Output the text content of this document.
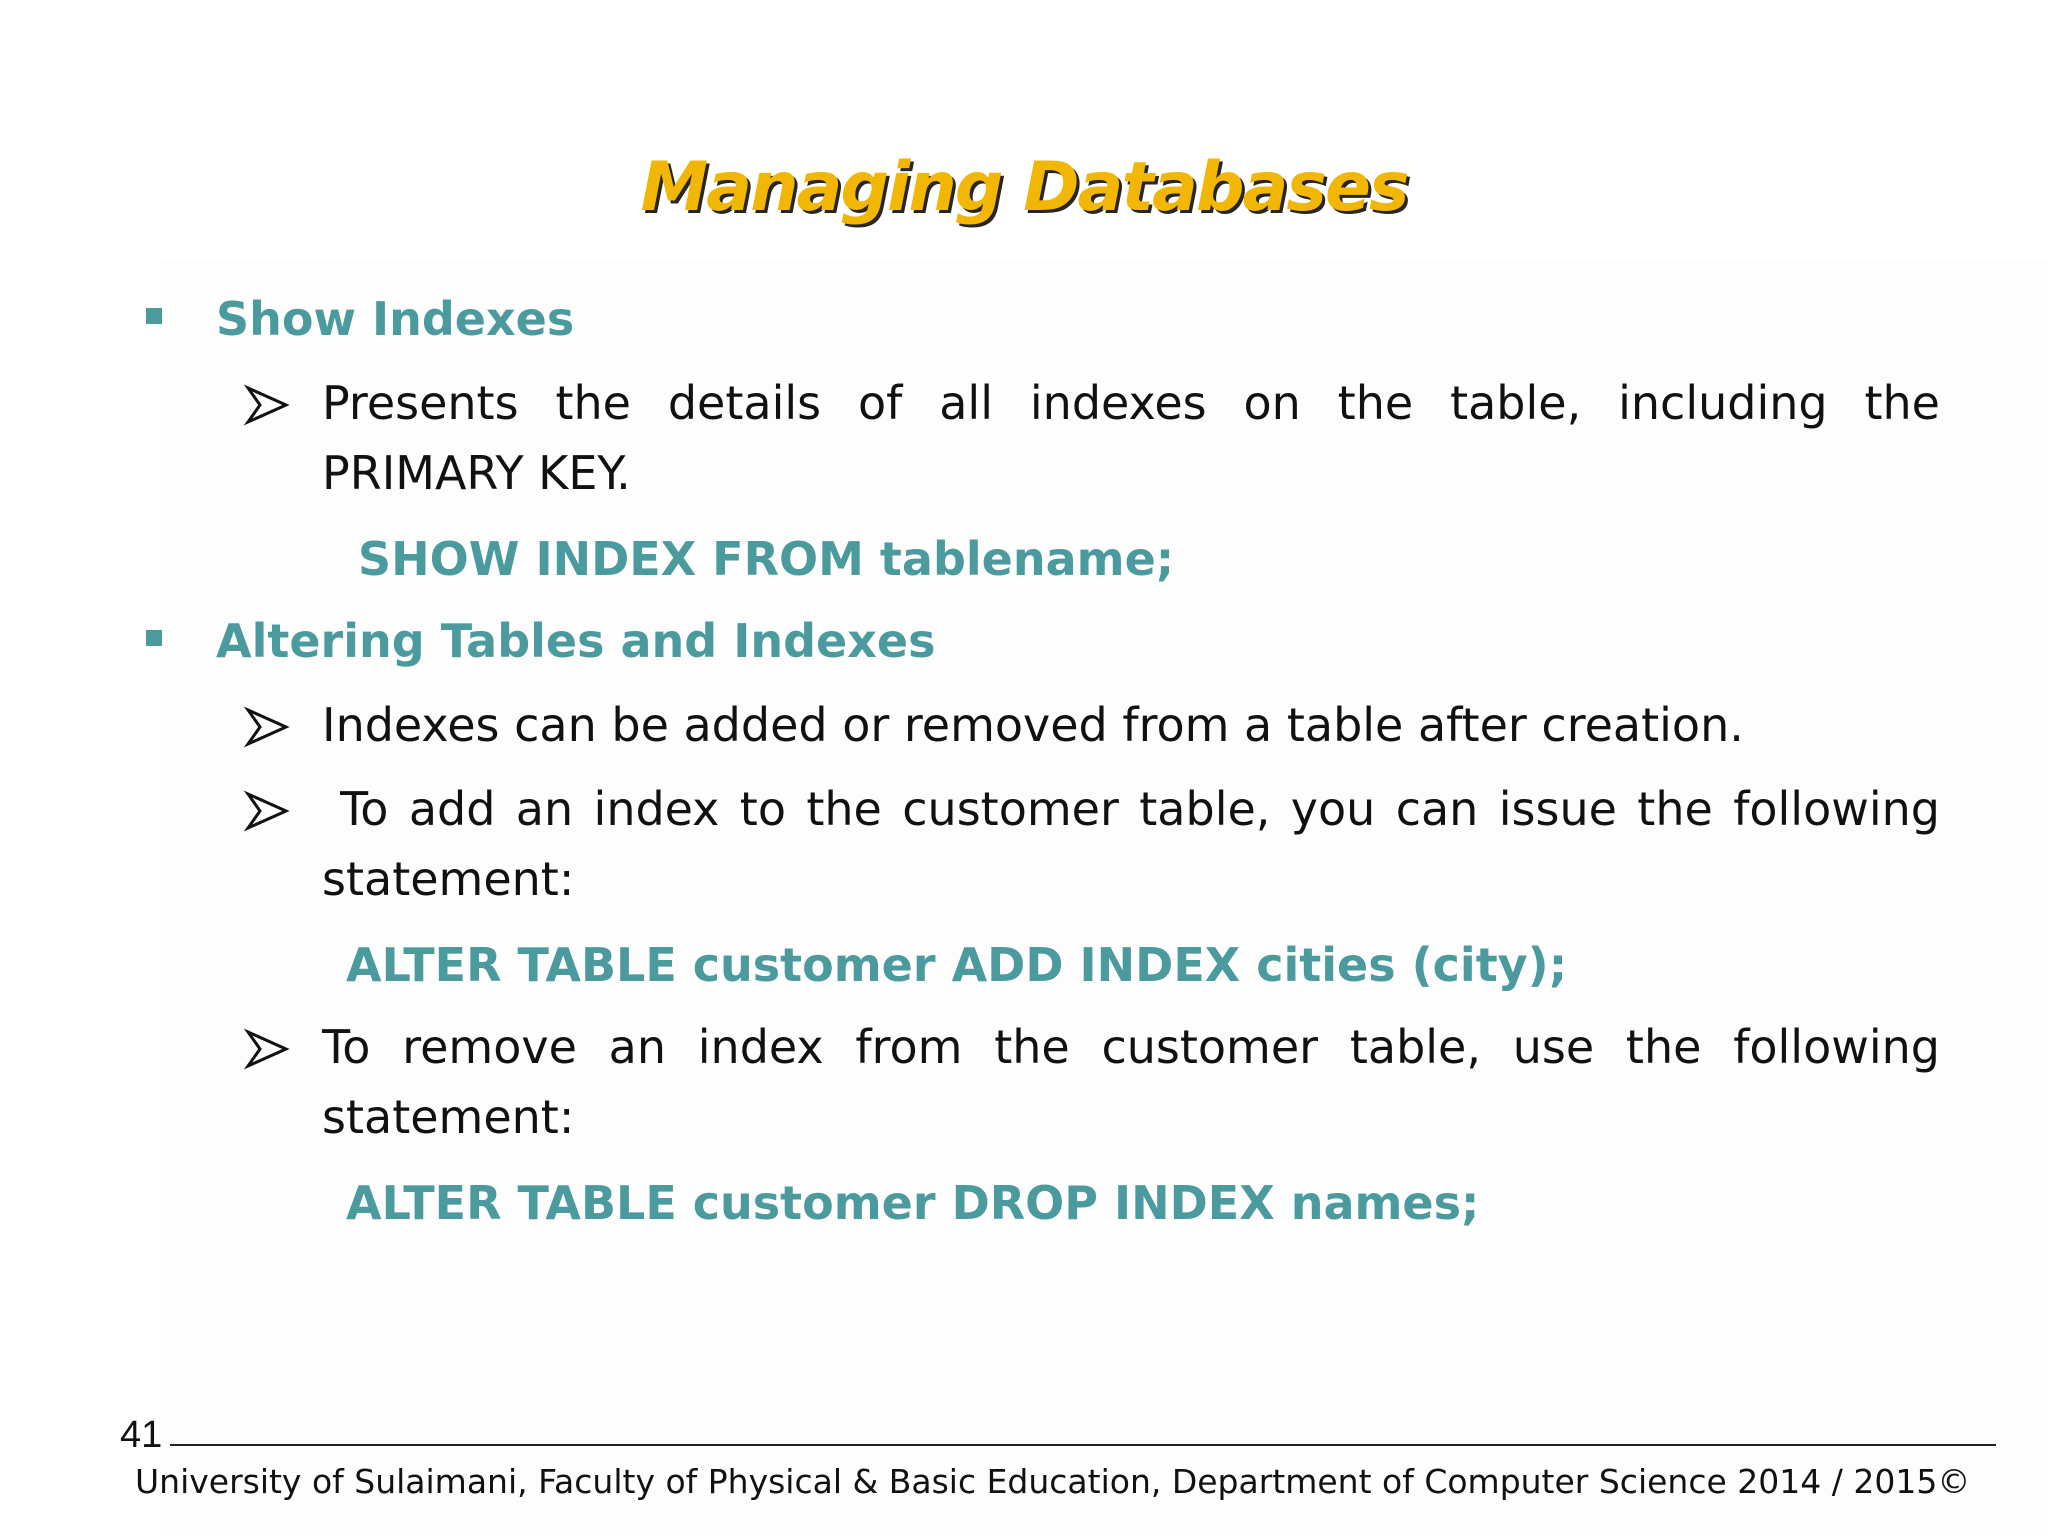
Managing Databases
Show Indexes
Presents the details of all indexes on the table, including the
PRIMARY KEY.
SHOW INDEX FROM tablename;
Altering Tables and Indexes
Indexes can be added or removed from a table after creation.
To add an index to the customer table, you can issue the following
statement:
ALTER TABLE customer ADD INDEX cities (city);
To remove an index from the customer table, use the following
statement:
ALTER TABLE customer DROP INDEX names;
41
University of Sulaimani, Faculty of Physical & Basic Education, Department of Computer Science 2014 / 2015©
